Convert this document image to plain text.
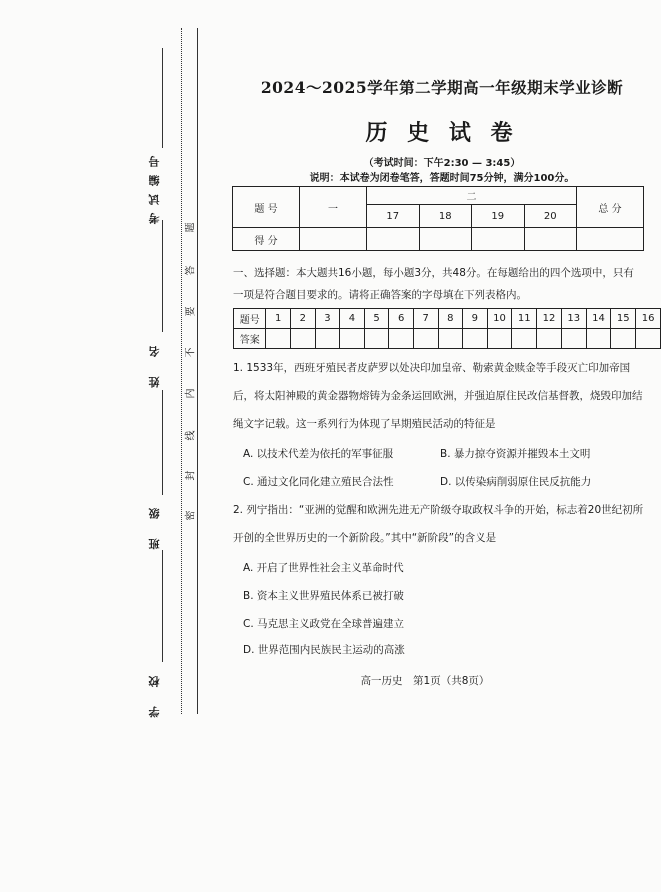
考试编号
姓 名
班 级
学 校
题
答
要
不
内
线
封
密
2024～2025学年第二学期高一年级期末学业诊断
历 史 试 卷
（考试时间：下午2:30 — 3:45）
说明：本试卷为闭卷笔答，答题时间75分钟，满分100分。
题 号	一	二				总 分
		17	18	19	20	
得 分						
一、选择题：本大题共16小题，每小题3分，共48分。在每题给出的四个选项中，只有一项是符合题目要求的。请将正确答案的字母填在下列表格内。
题号	1	2	3	4	5	6	7	8	9	10	11	12	13	14	15	16
答案																
1. 1533年，西班牙殖民者皮萨罗以处决印加皇帝、勒索黄金赎金等手段灭亡印加帝国后，将太阳神殿的黄金器物熔铸为金条运回欧洲，并强迫原住民改信基督教，烧毁印加结绳文字记载。这一系列行为体现了早期殖民活动的特征是
A. 以技术代差为依托的军事征服	B. 暴力掠夺资源并摧毁本土文明
C. 通过文化同化建立殖民合法性	D. 以传染病削弱原住民反抗能力
2. 列宁指出：“亚洲的觉醒和欧洲先进无产阶级夺取政权斗争的开始，标志着20世纪初所开创的全世界历史的一个新阶段。”其中“新阶段”的含义是
A. 开启了世界性社会主义革命时代
B. 资本主义世界殖民体系已被打破
C. 马克思主义政党在全球普遍建立
D. 世界范围内民族民主运动的高涨
高一历史　第1页（共8页）
